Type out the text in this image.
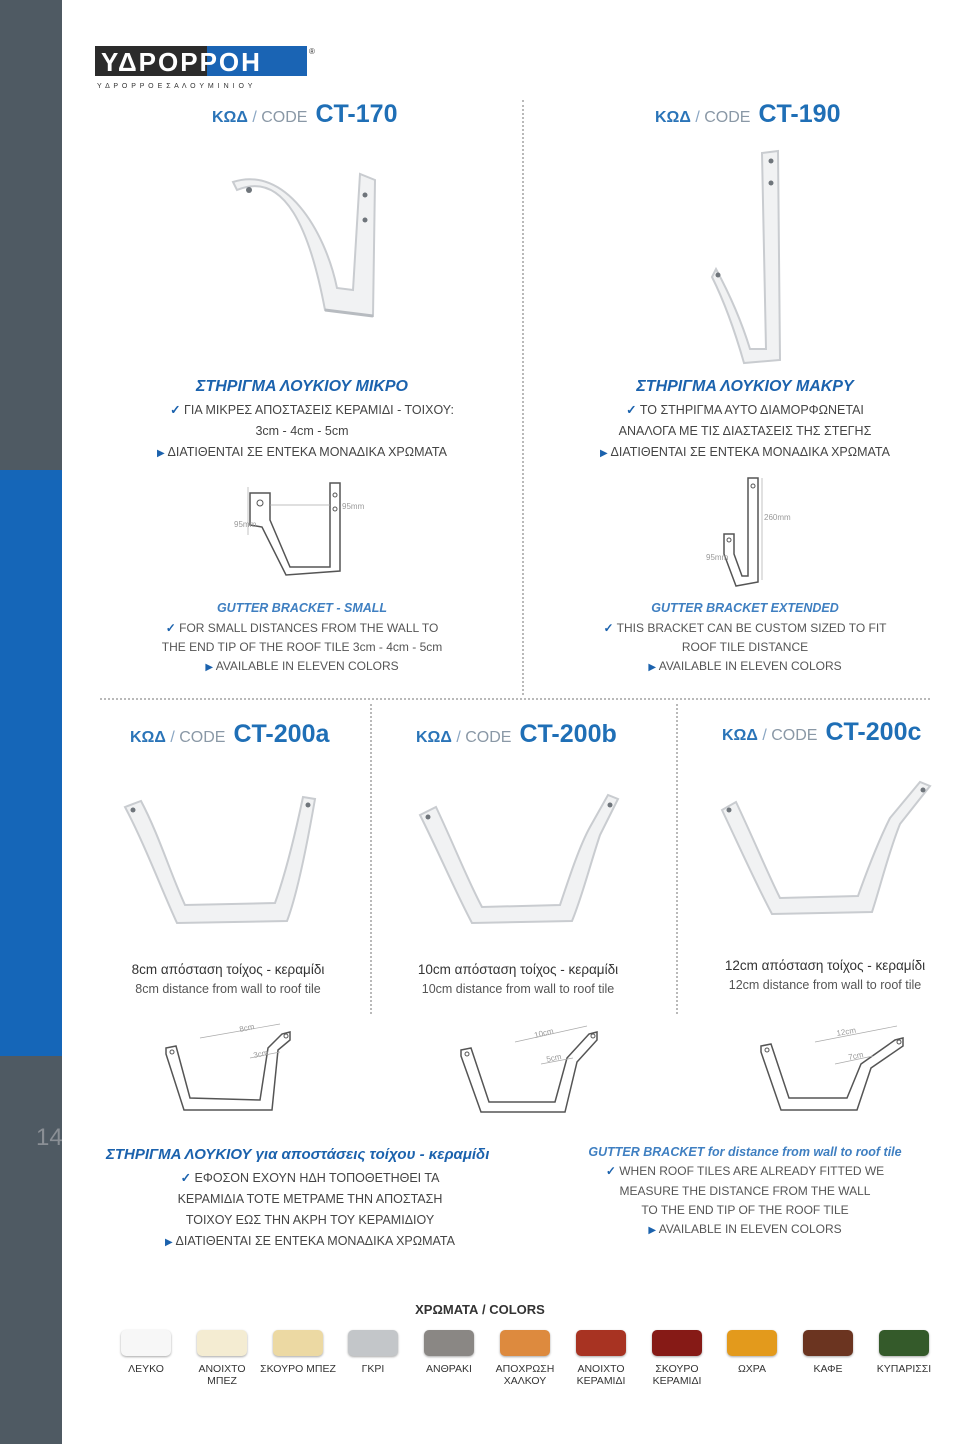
14
ΥΔΡΟΡΡΟΗ	®
Υ Δ Ρ Ο Ρ Ρ Ο Ε Σ Α Λ Ο Υ Μ Ι Ν Ι Ο Υ
ΚΩΔ / CODE CT-170
ΣΤΗΡΙΓΜΑ ΛΟΥΚΙΟΥ ΜΙΚΡΟ
✓ ΓΙΑ ΜΙΚΡΕΣ ΑΠΟΣΤΑΣΕΙΣ ΚΕΡΑΜΙΔΙ - ΤΟΙΧΟΥ:
3cm - 4cm - 5cm
▶ ΔΙΑΤΙΘΕΝΤΑΙ ΣΕ ΕΝΤΕΚΑ ΜΟΝΑΔΙΚΑ ΧΡΩΜΑΤΑ
95mm
95mm
GUTTER BRACKET - SMALL
✓ FOR SMALL DISTANCES FROM THE WALL TO
THE END TIP OF THE ROOF TILE 3cm - 4cm - 5cm
▶ AVAILABLE IN ELEVEN COLORS
ΚΩΔ / CODE CT-190
ΣΤΗΡΙΓΜΑ ΛΟΥΚΙΟΥ ΜΑΚΡΥ
✓ ΤΟ ΣΤΗΡΙΓΜΑ ΑΥΤΟ ΔΙΑΜΟΡΦΩΝΕΤΑΙ
ΑΝΑΛΟΓΑ ΜΕ ΤΙΣ ΔΙΑΣΤΑΣΕΙΣ ΤΗΣ ΣΤΕΓΗΣ
▶ ΔΙΑΤΙΘΕΝΤΑΙ ΣΕ ΕΝΤΕΚΑ ΜΟΝΑΔΙΚΑ ΧΡΩΜΑΤΑ
260mm
95mm
GUTTER BRACKET EXTENDED
✓ THIS BRACKET CAN BE CUSTOM SIZED TO FIT
ROOF TILE DISTANCE
▶ AVAILABLE IN ELEVEN COLORS
ΚΩΔ / CODE CT-200a
8cm απόσταση τοίχος - κεραμίδι
8cm distance from wall to roof tile
8cm
3cm
ΚΩΔ / CODE CT-200b
10cm απόσταση τοίχος - κεραμίδι
10cm distance from wall to roof tile
10cm
5cm
ΚΩΔ / CODE CT-200c
12cm απόσταση τοίχος - κεραμίδι
12cm distance from wall to roof tile
12cm
7cm
ΣΤΗΡΙΓΜΑ ΛΟΥΚΙΟΥ για αποστάσεις τοίχου - κεραμίδι
✓ ΕΦΟΣΟΝ ΕΧΟΥΝ ΗΔΗ ΤΟΠΟΘΕΤΗΘΕΙ ΤΑ
ΚΕΡΑΜΙΔΙΑ ΤΟΤΕ ΜΕΤΡΑΜΕ ΤΗΝ ΑΠΟΣΤΑΣΗ
ΤΟΙΧΟΥ ΕΩΣ ΤΗΝ ΑΚΡΗ ΤΟΥ ΚΕΡΑΜΙΔΙΟΥ
▶ ΔΙΑΤΙΘΕΝΤΑΙ ΣΕ ΕΝΤΕΚΑ ΜΟΝΑΔΙΚΑ ΧΡΩΜΑΤΑ
GUTTER BRACKET for distance from wall to roof tile
✓ WHEN ROOF TILES ARE ALREADY FITTED WE
MEASURE THE DISTANCE FROM THE WALL
TO THE END TIP OF THE ROOF TILE
▶ AVAILABLE IN ELEVEN COLORS
ΧΡΩΜΑΤΑ / COLORS
ΛΕΥΚΟ	ΑΝΟΙΧΤΟ ΜΠΕΖ
ΣΚΟΥΡΟ ΜΠΕΖ	ΓΚΡΙ	ΑΝΘΡΑΚΙ	ΑΠΟΧΡΩΣΗ ΧΑΛΚΟΥ
ΑΝΟΙΧΤΟ ΚΕΡΑΜΙΔΙ
ΣΚΟΥΡΟ ΚΕΡΑΜΙΔΙ
ΩΧΡΑ	ΚΑΦΕ	ΚΥΠΑΡΙΣΣΙ
